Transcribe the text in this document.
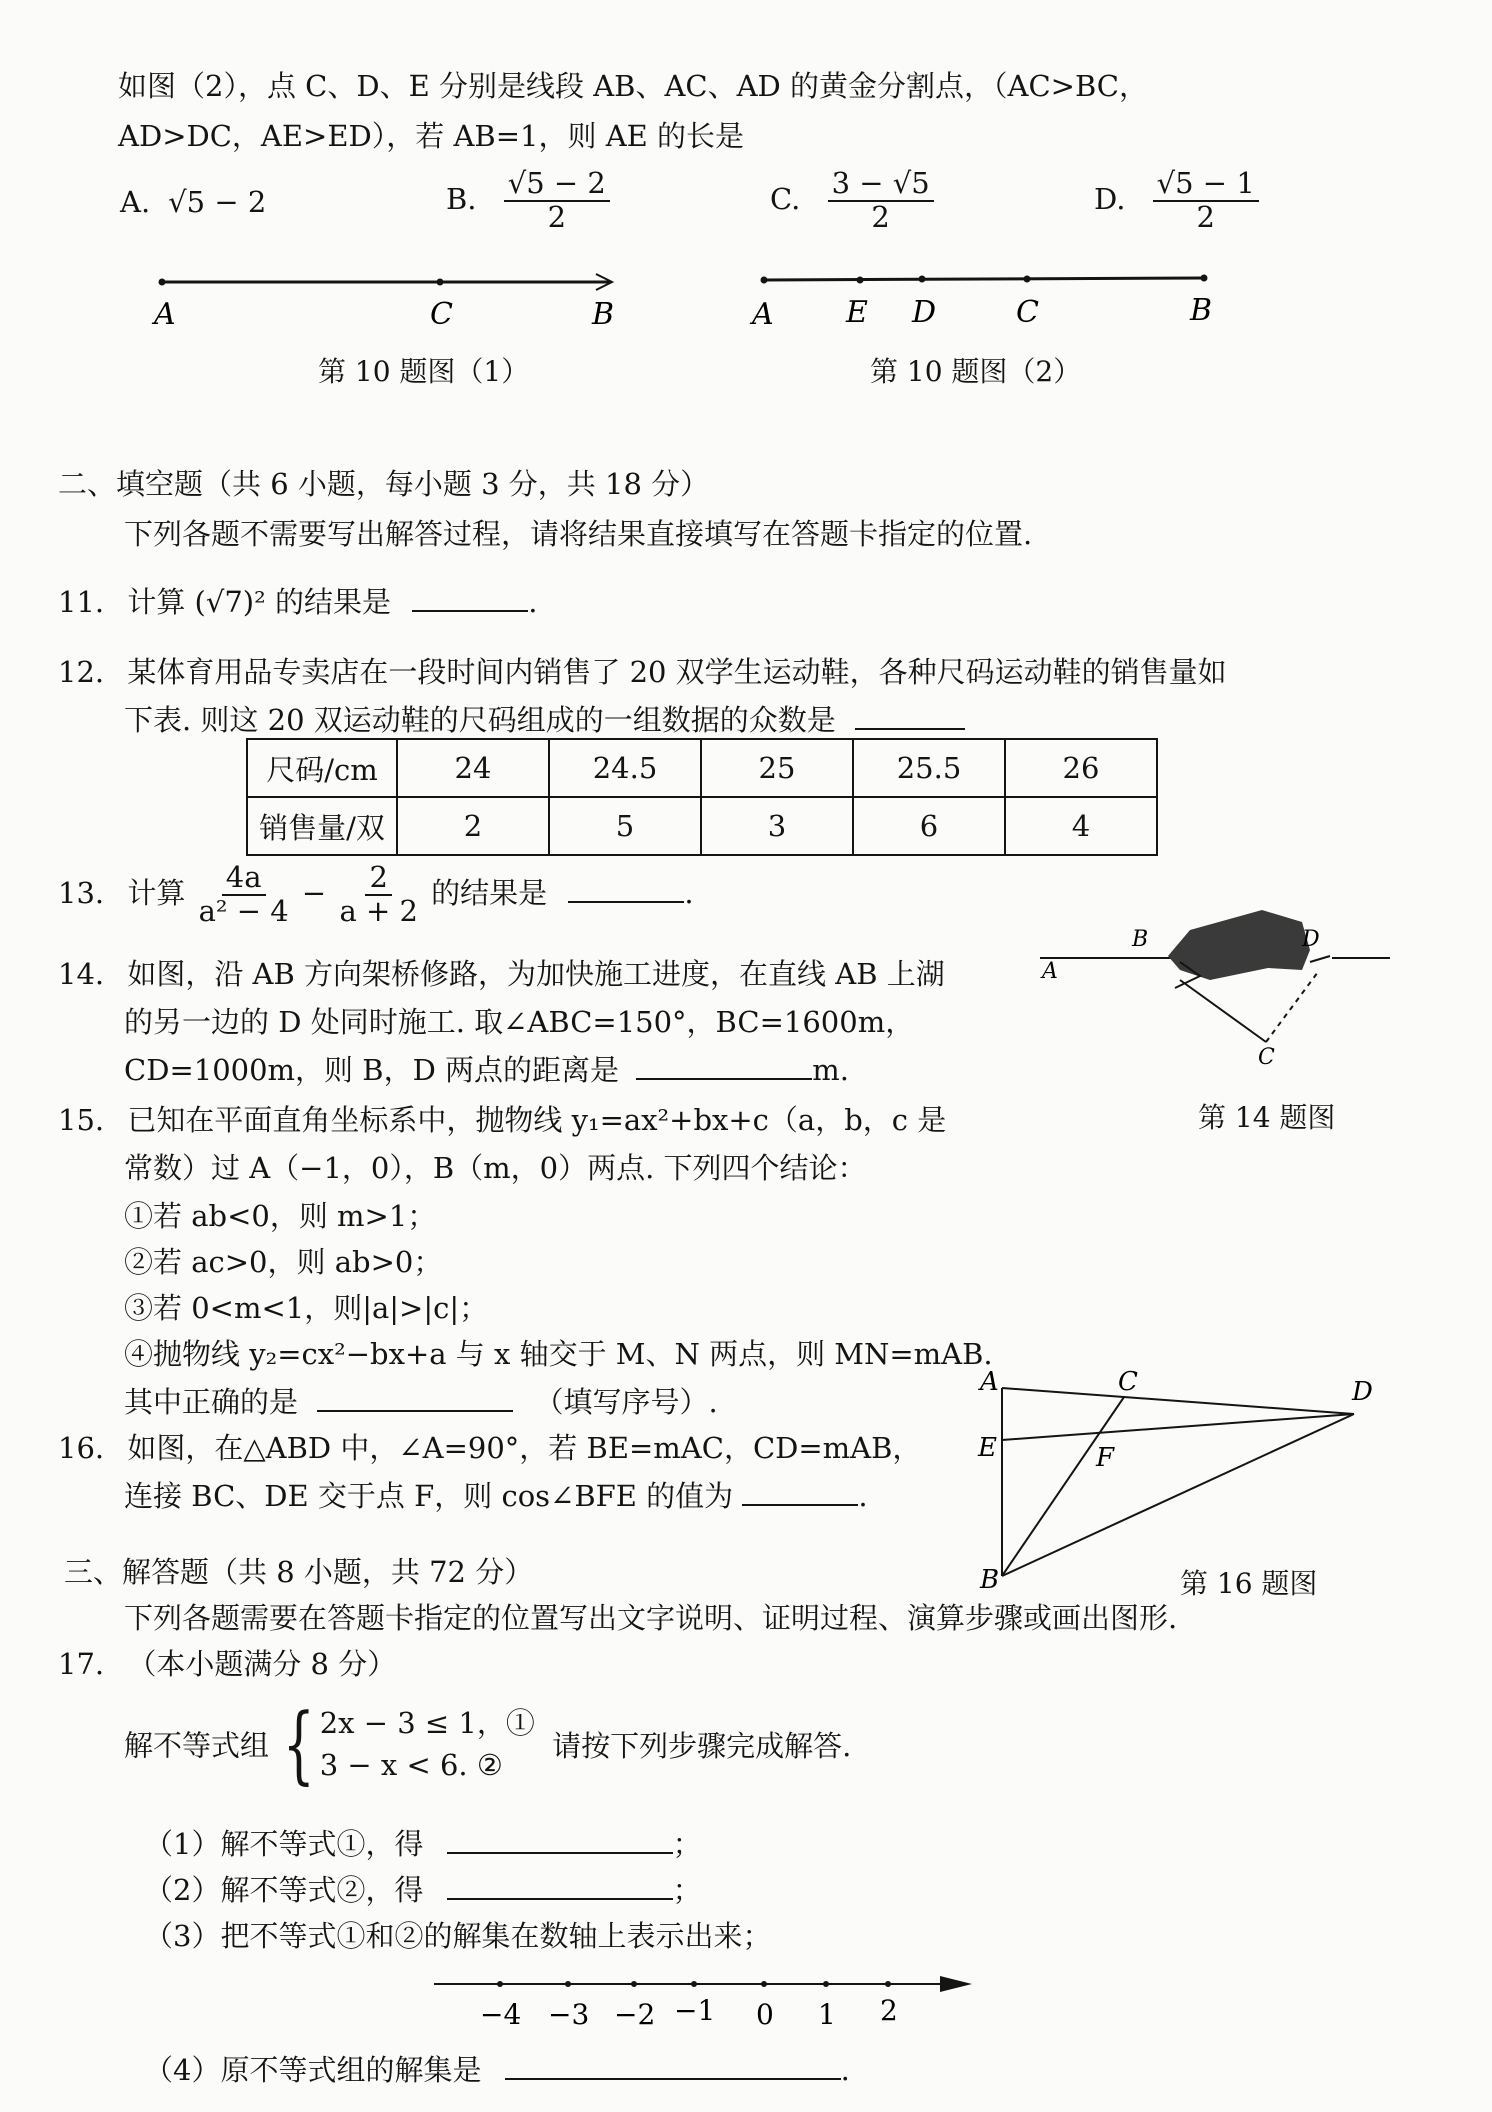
如图（2），点 C、D、E 分别是线段 AB、AC、AD 的黄金分割点，（AC>BC，
AD>DC，AE>ED），若 AB=1，则 AE 的长是
A. √5 − 2	B. $\frac{√5 - 2}{2}$	C. $\frac{3 - √5}{2}$	D. $\frac{√5 - 1}{2}$
A	C	B
第 10 题图（1）
A E D	C	B
第 10 题图（2）
二、填空题（共 6 小题，每小题 3 分，共 18 分）
下列各题不需要写出解答过程，请将结果直接填写在答题卡指定的位置.
11. 计算 (√7)² 的结果是	.
12. 某体育用品专卖店在一段时间内销售了 20 双学生运动鞋，各种尺码运动鞋的销售量如
下表. 则这 20 双运动鞋的尺码组成的一组数据的众数是
尺码/cm	24	24.5	25	25.5	26
销售量/双	2	5	3	6	4
13. 计算 $\frac{4a}{\text{a² − 4}} - \frac{2}{a + 2}$ 的结果是	.
14. 如图，沿 AB 方向架桥修路，为加快施工进度，在直线 AB 上湖
的另一边的 D 处同时施工. 取∠ABC=150°，BC=1600m，
CD=1000m，则 B，D 两点的距离是	m.
A
B	D
C
第 14 题图
15. 已知在平面直角坐标系中，抛物线 y₁=ax²+bx+c（a，b，c 是
常数）过 A（−1，0），B（m，0）两点. 下列四个结论：
①若 ab<0，则 m>1；
②若 ac>0，则 ab>0；
③若 0<m<1，则|a|>|c|；
④抛物线 y₂=cx²−bx+a 与 x 轴交于 M、N 两点，则 MN=mAB.
其中正确的是	（填写序号）.
16. 如图，在△ABD 中，∠A=90°，若 BE=mAC，CD=mAB，
连接 BC、DE 交于点 F，则 cos∠BFE 的值为	.
A	C	D
E	F
B	第 16 题图
三、解答题（共 8 小题，共 72 分）
下列各题需要在答题卡指定的位置写出文字说明、证明过程、演算步骤或画出图形.
17. （本小题满分 8 分）
解不等式组 { 2x − 3 ≤ 1，①
3 − x < 6. ②
请按下列步骤完成解答.
（1）解不等式①，得	；
（2）解不等式②，得	；
（3）把不等式①和②的解集在数轴上表示出来；
−4 −3 −2 −1 0 1 2
（4）原不等式组的解集是	.
